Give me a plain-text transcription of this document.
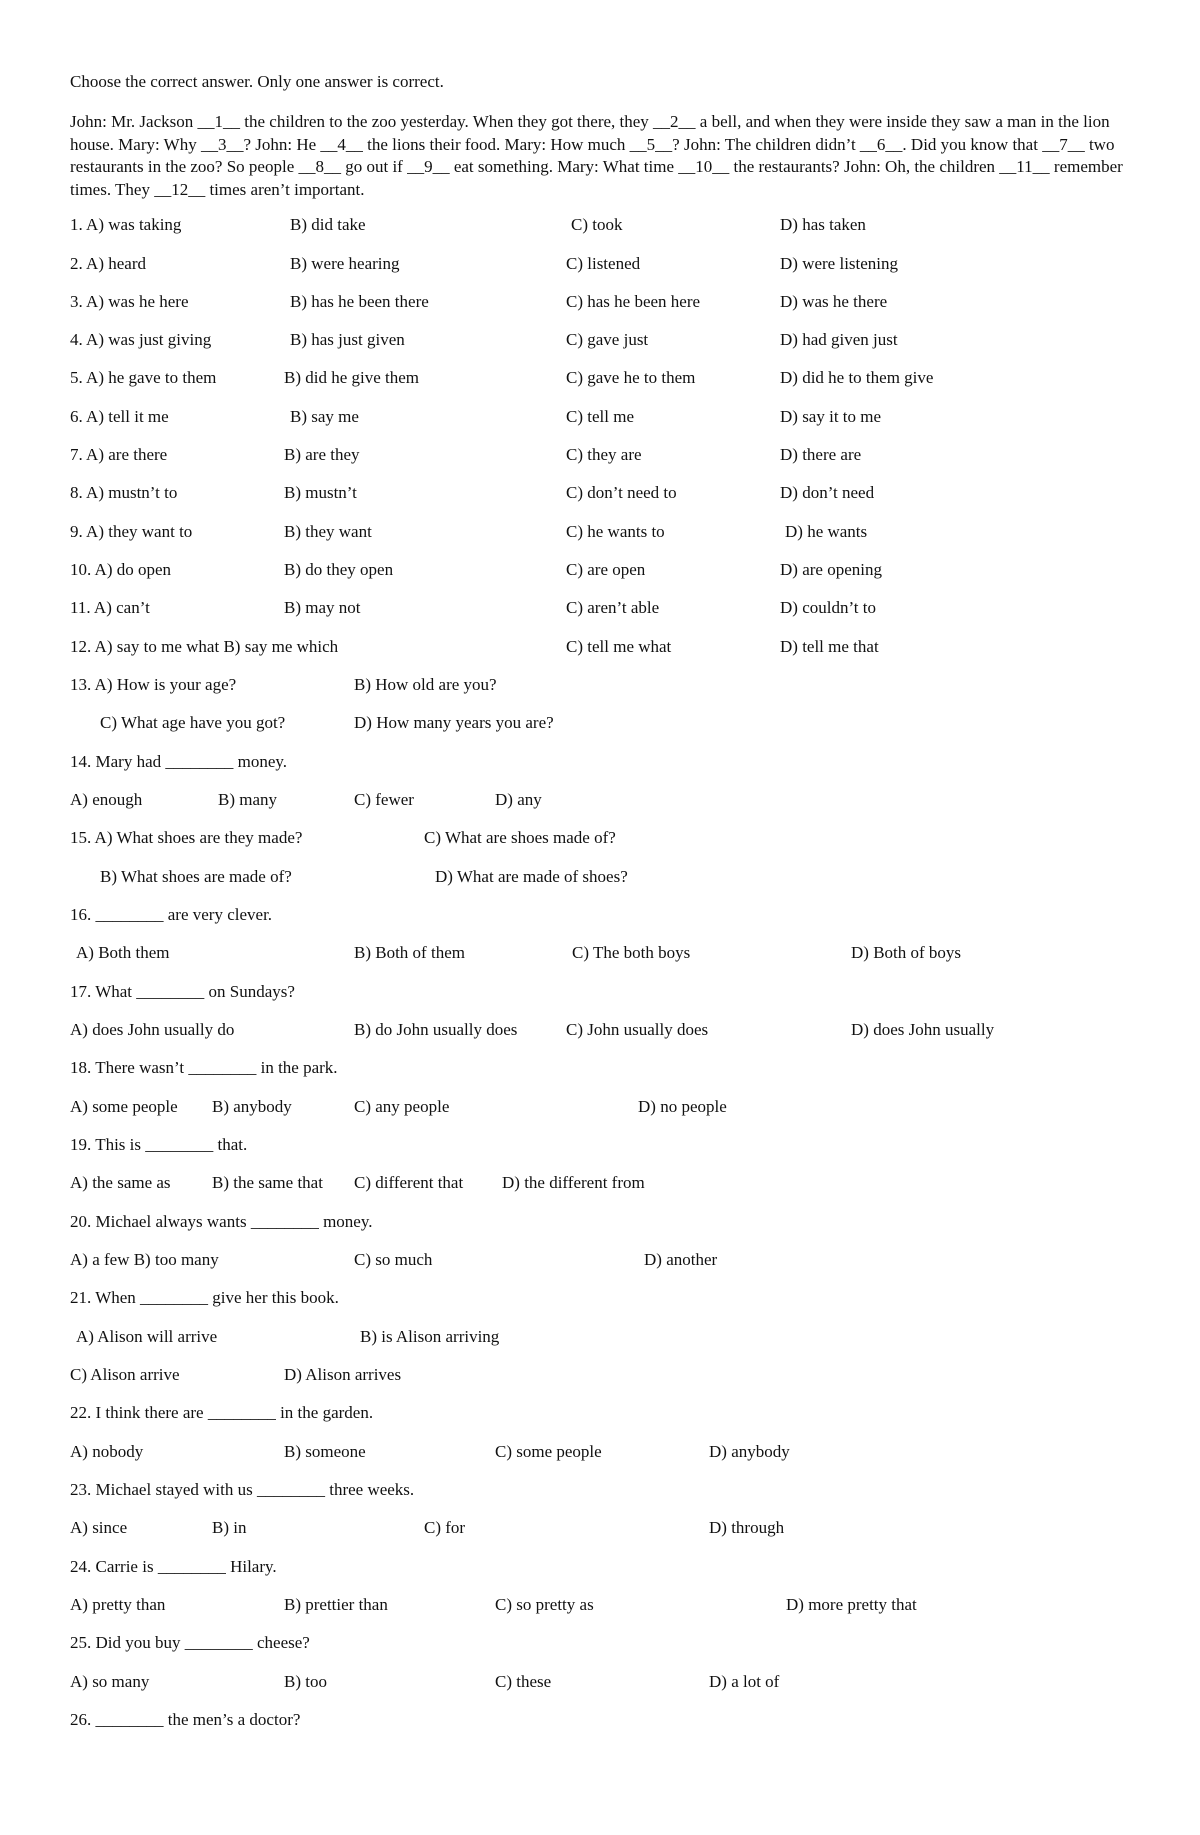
Choose the correct answer. Only one answer is correct.
John: Mr. Jackson __1__ the children to the zoo yesterday. When they got there, they __2__ a bell, and when they were inside they saw a man in the lion house. Mary: Why __3__? John: He __4__ the lions their food. Mary: How much __5__? John: The children didn’t __6__. Did you know that __7__ two restaurants in the zoo? So people __8__ go out if __9__ eat something. Mary: What time __10__ the restaurants? John: Oh, the children __11__ remember times. They __12__ times aren’t important.
1. A) was taking	B) did take	C) took	D) has taken
2. A) heard	B) were hearing	C) listened	D) were listening
3. A) was he here	B) has he been there	C) has he been here	D) was he there
4. A) was just giving	B) has just given	C) gave just	D) had given just
5. A) he gave to them	B) did he give them	C) gave he to them	D) did he to them give
6. A) tell it me	B) say me	C) tell me	D) say it to me
7. A) are there	B) are they	C) they are	D) there are
8. A) mustn’t to	B) mustn’t	C) don’t need to	D) don’t need
9. A) they want to	B) they want	C) he wants to	D) he wants
10. A) do open	B) do they open	C) are open	D) are opening
11. A) can’t	B) may not	C) aren’t able	D) couldn’t to
12. A) say to me what B) say me which	C) tell me what	D) tell me that
13. A) How is your age?	B) How old are you?
C) What age have you got?	D) How many years you are?
14. Mary had ________ money.
A) enough	B) many	C) fewer	D) any
15. A) What shoes are they made?	C) What are shoes made of?
B) What shoes are made of?	D) What are made of shoes?
16. ________ are very clever.
A) Both them	B) Both of them	C) The both boys	D) Both of boys
17. What ________ on Sundays?
A) does John usually do	B) do John usually does	C) John usually does	D) does John usually
18. There wasn’t ________ in the park.
A) some people B) anybody	C) any people	D) no people
19. This is ________ that.
A) the same as B) the same that C) different that D) the different from
20. Michael always wants ________ money.
A) a few B) too many	C) so much	D) another
21. When ________ give her this book.
A) Alison will arrive	B) is Alison arriving
C) Alison arrive	D) Alison arrives
22. I think there are ________ in the garden.
A) nobody	B) someone	C) some people	D) anybody
23. Michael stayed with us ________ three weeks.
A) since	B) in	C) for	D) through
24. Carrie is ________ Hilary.
A) pretty than	B) prettier than	C) so pretty as	D) more pretty that
25. Did you buy ________ cheese?
A) so many	B) too	C) these	D) a lot of
26. ________ the men’s a doctor?
